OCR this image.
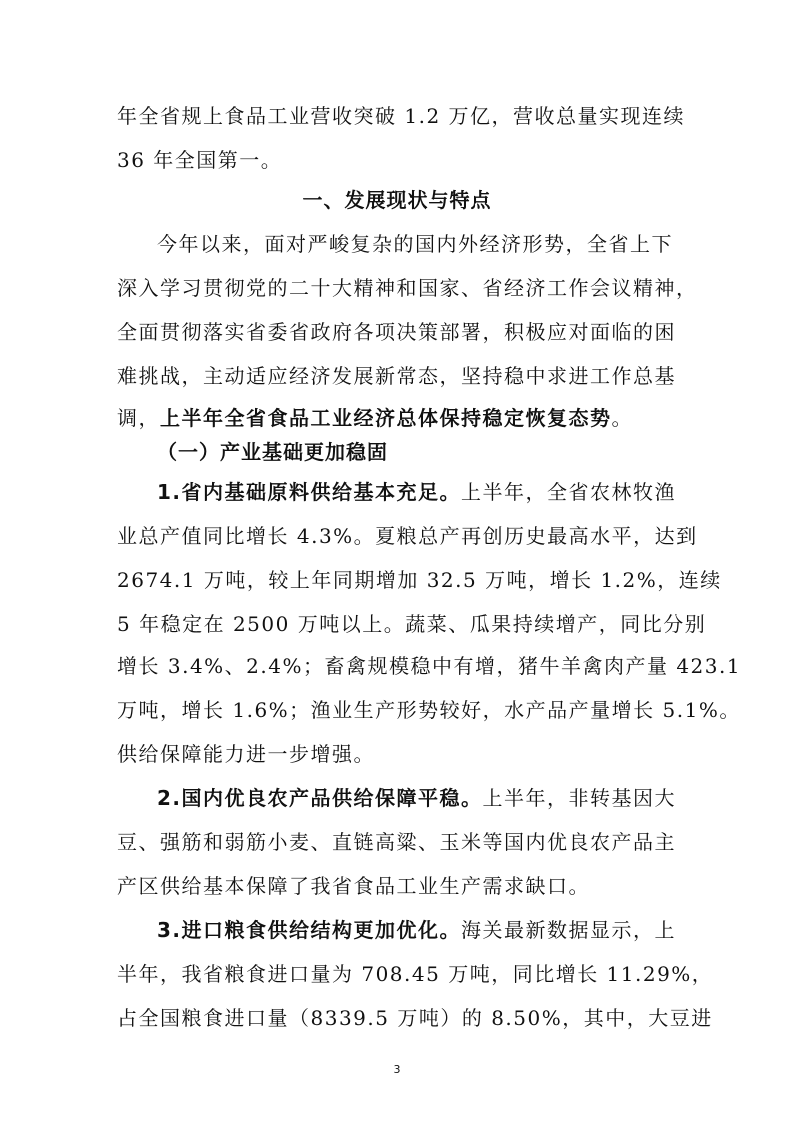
年全省规上食品工业营收突破 1.2 万亿，营收总量实现连续
36 年全国第一。
一、发展现状与特点
今年以来，面对严峻复杂的国内外经济形势，全省上下
深入学习贯彻党的二十大精神和国家、省经济工作会议精神，
全面贯彻落实省委省政府各项决策部署，积极应对面临的困
难挑战，主动适应经济发展新常态，坚持稳中求进工作总基
调，上半年全省食品工业经济总体保持稳定恢复态势。
（一）产业基础更加稳固
1.省内基础原料供给基本充足。上半年，全省农林牧渔
业总产值同比增长 4.3%。夏粮总产再创历史最高水平，达到
2674.1 万吨，较上年同期增加 32.5 万吨，增长 1.2%，连续
5 年稳定在 2500 万吨以上。蔬菜、瓜果持续增产，同比分别
增长 3.4%、2.4%；畜禽规模稳中有增，猪牛羊禽肉产量 423.1
万吨，增长 1.6%；渔业生产形势较好，水产品产量增长 5.1%。
供给保障能力进一步增强。
2.国内优良农产品供给保障平稳。上半年，非转基因大
豆、强筋和弱筋小麦、直链高粱、玉米等国内优良农产品主
产区供给基本保障了我省食品工业生产需求缺口。
3.进口粮食供给结构更加优化。海关最新数据显示，上
半年，我省粮食进口量为 708.45 万吨，同比增长 11.29%，
占全国粮食进口量（8339.5 万吨）的 8.50%，其中，大豆进
3
